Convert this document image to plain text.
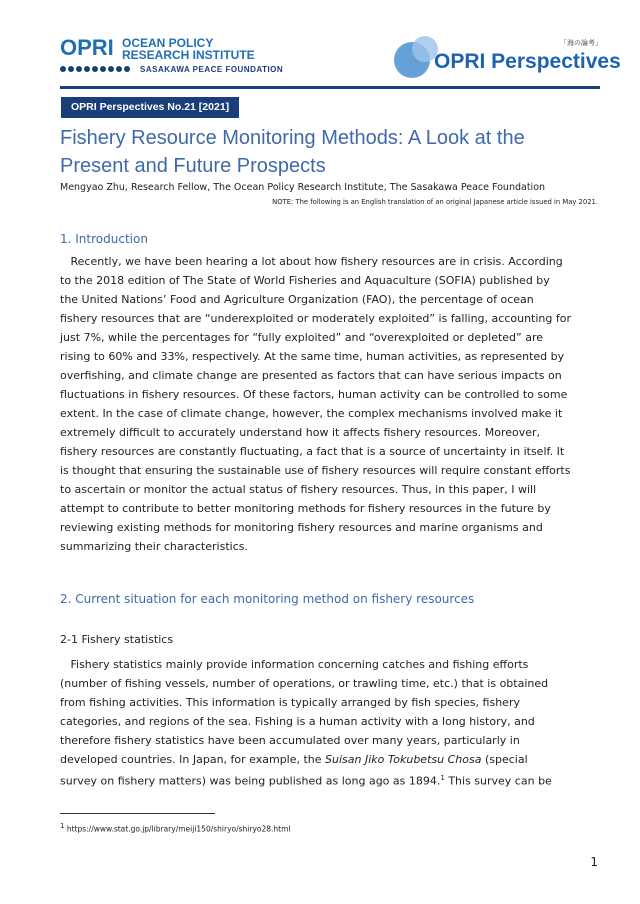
OPRI OCEAN POLICY
RESEARCH INSTITUTE
SASAKAWA PEACE FOUNDATION
「海の論考」
OPRI Perspectives
OPRI Perspectives No.21 [2021]
Fishery Resource Monitoring Methods: A Look at the
Present and Future Prospects
Mengyao Zhu, Research Fellow, The Ocean Policy Research Institute, The Sasakawa Peace Foundation
NOTE: The following is an English translation of an original Japanese article issued in May 2021.
1. Introduction
Recently, we have been hearing a lot about how fishery resources are in crisis. According
to the 2018 edition of The State of World Fisheries and Aquaculture (SOFIA) published by
the United Nations’ Food and Agriculture Organization (FAO), the percentage of ocean
fishery resources that are “underexploited or moderately exploited” is falling, accounting for
just 7%, while the percentages for “fully exploited” and “overexploited or depleted” are
rising to 60% and 33%, respectively. At the same time, human activities, as represented by
overfishing, and climate change are presented as factors that can have serious impacts on
fluctuations in fishery resources. Of these factors, human activity can be controlled to some
extent. In the case of climate change, however, the complex mechanisms involved make it
extremely difficult to accurately understand how it affects fishery resources. Moreover,
fishery resources are constantly fluctuating, a fact that is a source of uncertainty in itself. It
is thought that ensuring the sustainable use of fishery resources will require constant efforts
to ascertain or monitor the actual status of fishery resources. Thus, in this paper, I will
attempt to contribute to better monitoring methods for fishery resources in the future by
reviewing existing methods for monitoring fishery resources and marine organisms and
summarizing their characteristics.
2. Current situation for each monitoring method on fishery resources
2-1 Fishery statistics
Fishery statistics mainly provide information concerning catches and fishing efforts
(number of fishing vessels, number of operations, or trawling time, etc.) that is obtained
from fishing activities. This information is typically arranged by fish species, fishery
categories, and regions of the sea. Fishing is a human activity with a long history, and
therefore fishery statistics have been accumulated over many years, particularly in
developed countries. In Japan, for example, the Suisan Jiko Tokubetsu Chosa (special
survey on fishery matters) was being published as long ago as 1894.$^1$ This survey can be
$^1$ https://www.stat.go.jp/library/meiji150/shiryo/shiryo28.html
1
